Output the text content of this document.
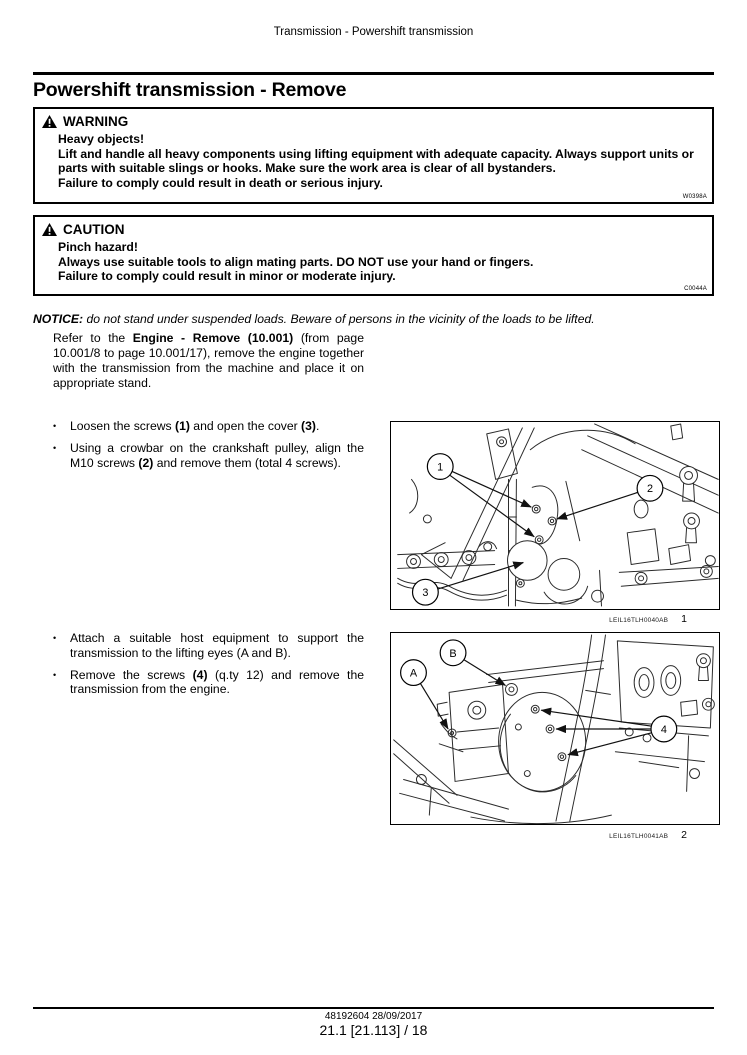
Transmission - Powershift transmission
Powershift transmission - Remove
WARNING
Heavy objects!
Lift and handle all heavy components using lifting equipment with adequate capacity. Always support units or parts with suitable slings or hooks. Make sure the work area is clear of all bystanders.
Failure to comply could result in death or serious injury.
W0398A
CAUTION
Pinch hazard!
Always use suitable tools to align mating parts. DO NOT use your hand or fingers.
Failure to comply could result in minor or moderate injury.
C0044A
NOTICE: do not stand under suspended loads. Beware of persons in the vicinity of the loads to be lifted.

Refer to the Engine - Remove (10.001) (from page 10.001/8 to page 10.001/17), remove the engine together with the transmission from the machine and place it on appropriate stand.

•	Loosen the screws (1) and open the cover (3).
•	Using a crowbar on the crankshaft pulley, align the M10 screws (2) and remove them (total 4 screws).
•	Attach a suitable host equipment to support the transmission to the lifting eyes (A and B).
•	Remove the screws (4) (q.ty 12) and remove the transmission from the engine.
1
2
3
LEIL16TLH0040AB 1
A
B
4
LEIL16TLH0041AB 2
48192604 28/09/2017
21.1 [21.113] / 18
